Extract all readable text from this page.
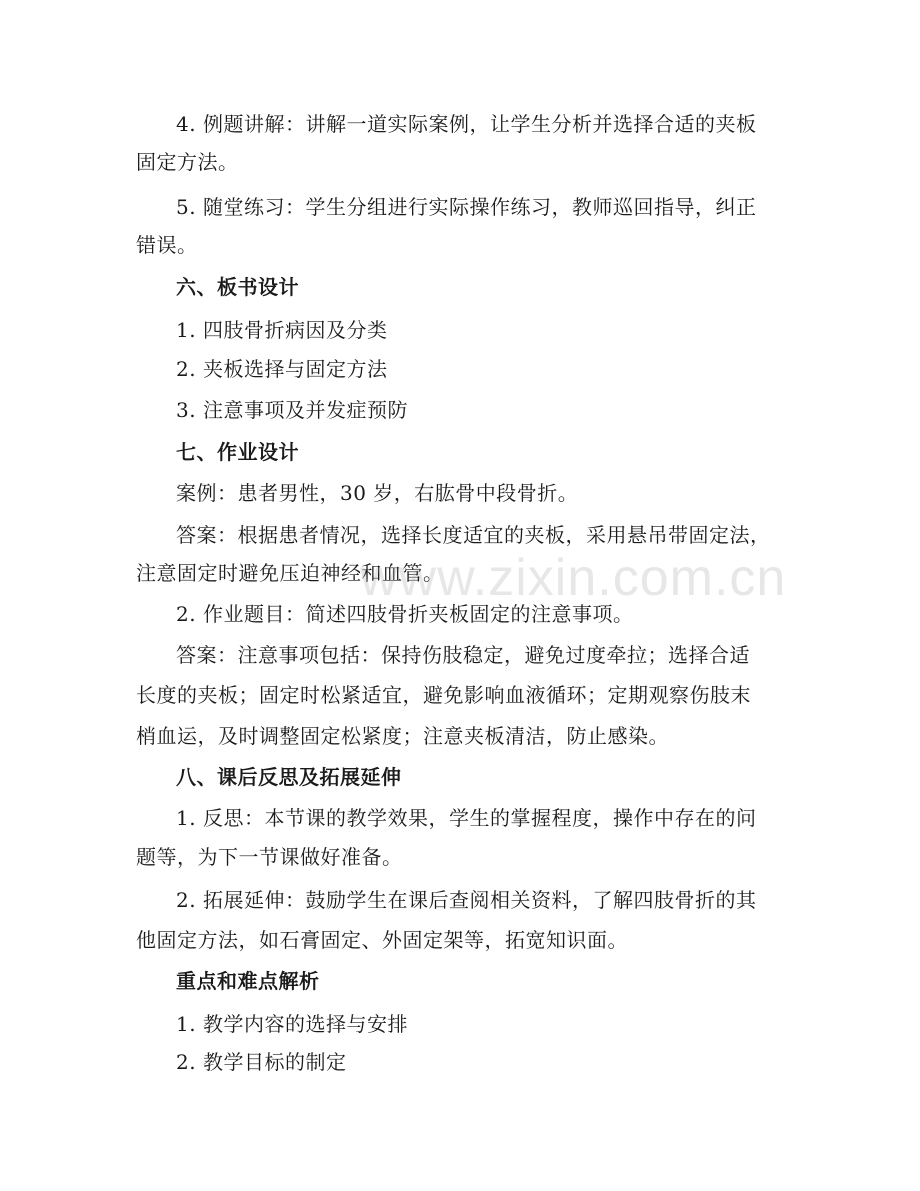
4. 例题讲解：讲解一道实际案例，让学生分析并选择合适的夹板
固定方法。
5. 随堂练习：学生分组进行实际操作练习，教师巡回指导，纠正
错误。
六、板书设计
1. 四肢骨折病因及分类
2. 夹板选择与固定方法
3. 注意事项及并发症预防
七、作业设计
案例：患者男性，30 岁，右肱骨中段骨折。
答案：根据患者情况，选择长度适宜的夹板，采用悬吊带固定法，
注意固定时避免压迫神经和血管。
2. 作业题目：简述四肢骨折夹板固定的注意事项。
答案：注意事项包括：保持伤肢稳定，避免过度牵拉；选择合适
长度的夹板；固定时松紧适宜，避免影响血液循环；定期观察伤肢末
梢血运，及时调整固定松紧度；注意夹板清洁，防止感染。
八、课后反思及拓展延伸
1. 反思：本节课的教学效果，学生的掌握程度，操作中存在的问
题等，为下一节课做好准备。
2. 拓展延伸：鼓励学生在课后查阅相关资料，了解四肢骨折的其
他固定方法，如石膏固定、外固定架等，拓宽知识面。
重点和难点解析
1. 教学内容的选择与安排
2. 教学目标的制定
www.zixin.com.cn
